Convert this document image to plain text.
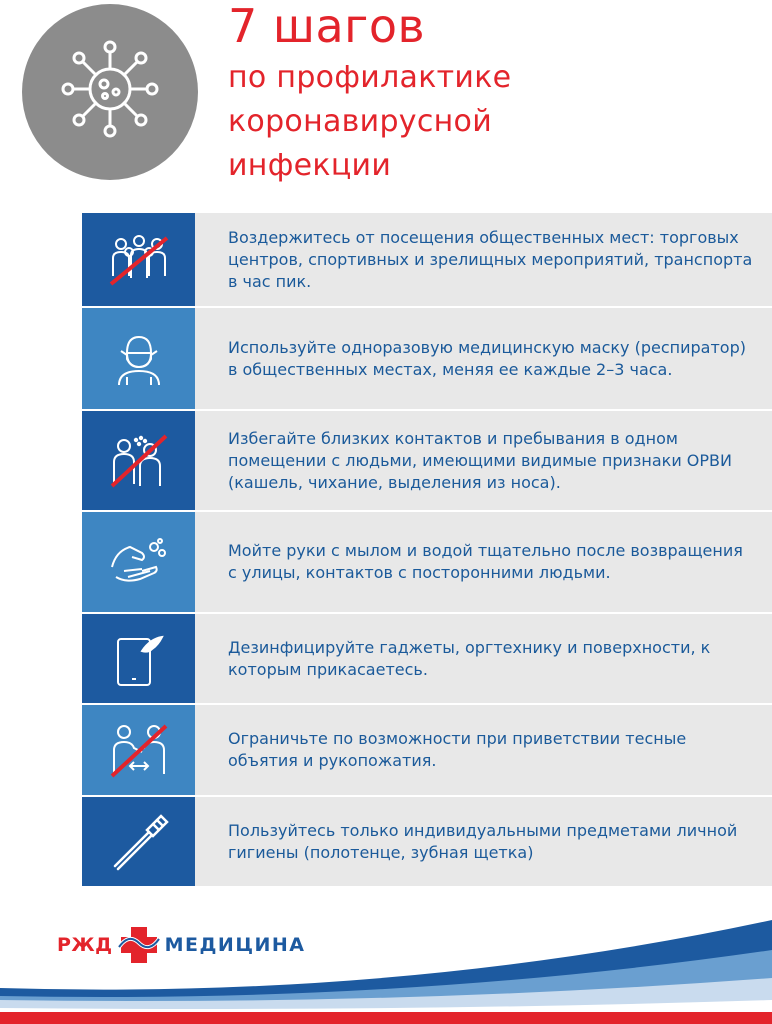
7 шагов
по профилактике
коронавирусной
инфекции
Воздержитесь от посещения общественных мест: торговых центров, спортивных и зрелищных мероприятий, транспорта в час пик.
Используйте одноразовую медицинскую маску (респиратор) в общественных местах, меняя ее каждые 2–3 часа.
Избегайте близких контактов и пребывания в одном помещении с людьми, имеющими видимые признаки ОРВИ (кашель, чихание, выделения из носа).
Мойте руки с мылом и водой тщательно после возвращения с улицы, контактов с посторонними людьми.
Дезинфицируйте гаджеты, оргтехнику и поверхности, к которым прикасаетесь.
Ограничьте по возможности при приветствии тесные объятия и рукопожатия.
Пользуйтесь только индивидуальными предметами личной гигиены (полотенце, зубная щетка)
РЖД	МЕДИЦИНА
